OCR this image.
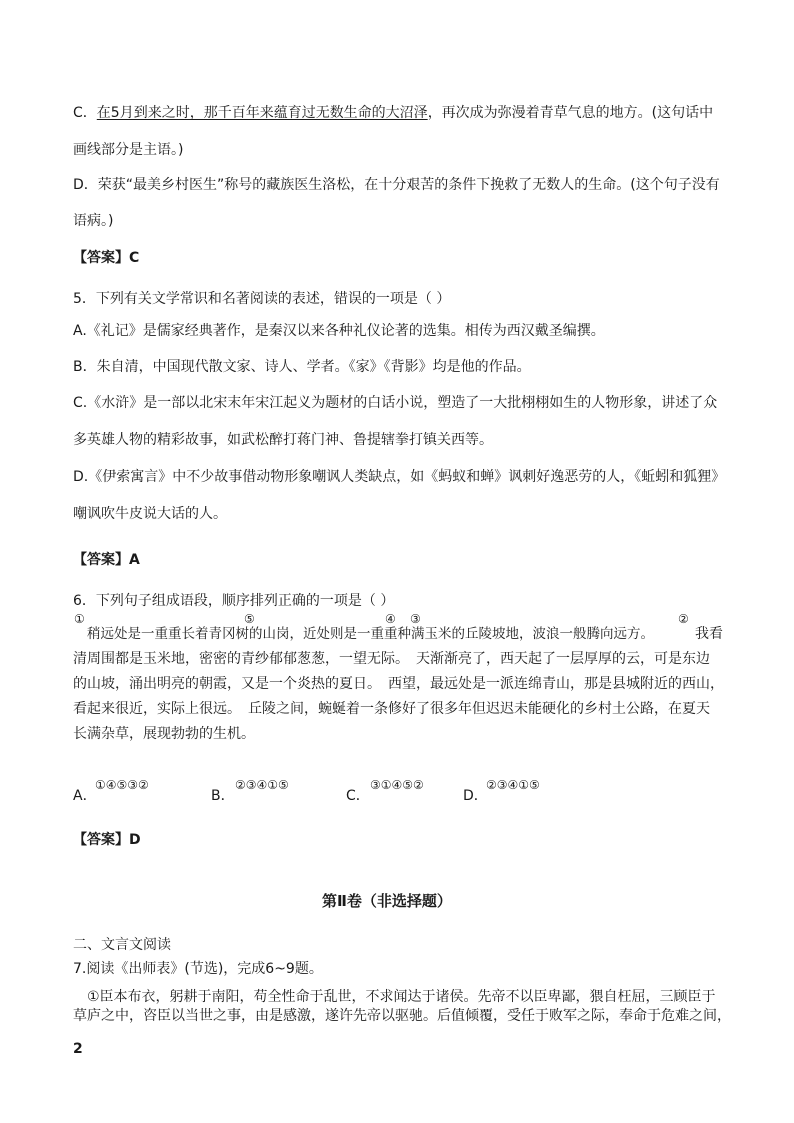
C．在5月到来之时，那千百年来蕴育过无数生命的大沼泽，再次成为弥漫着青草气息的地方。(这句话中
画线部分是主语。)
D．荣获“最美乡村医生”称号的藏族医生洛松，在十分艰苦的条件下挽救了无数人的生命。(这个句子没有
语病。)
【答案】C
5．下列有关文学常识和名著阅读的表述，错误的一项是（ ）
A.《礼记》是儒家经典著作，是秦汉以来各种礼仪论著的选集。相传为西汉戴圣编撰。
B．朱自清，中国现代散文家、诗人、学者。《家》《背影》均是他的作品。
C.《水浒》是一部以北宋末年宋江起义为题材的白话小说，塑造了一大批栩栩如生的人物形象，讲述了众
多英雄人物的精彩故事，如武松醉打蒋门神、鲁提辖拳打镇关西等。
D.《伊索寓言》中不少故事借动物形象嘲讽人类缺点，如《蚂蚁和蝉》讽刺好逸恶劳的人，《蚯蚓和狐狸》
嘲讽吹牛皮说大话的人。
【答案】A
6．下列句子组成语段，顺序排列正确的一项是（ ）
①	⑤	④ ③	②
稍远处是一重重长着青冈树的山岗，近处则是一重重种满玉米的丘陵坡地，波浪一般腾向远方。	我看
清周围都是玉米地，密密的青纱郁郁葱葱，一望无际。　天渐渐亮了，西天起了一层厚厚的云，可是东边
的山坡，涌出明亮的朝霞，又是一个炎热的夏日。　西望，最远处是一派连绵青山，那是县城附近的西山，
看起来很近，实际上很远。　丘陵之间，蜿蜒着一条修好了很多年但迟迟未能硬化的乡村土公路，在夏天
长满杂草，展现勃勃的生机。
A．
①④⑤③②
B．
②③④①⑤
C．
③①④⑤②
D．
②③④①⑤
【答案】D
第Ⅱ卷（非选择题）
二、文言文阅读
7.阅读《出师表》(节选)，完成6~9题。
①臣本布衣，躬耕于南阳，苟全性命于乱世，不求闻达于诸侯。先帝不以臣卑鄙，猥自枉屈，三顾臣于
草庐之中，咨臣以当世之事，由是感激，遂许先帝以驱驰。后值倾覆，受任于败军之际，奉命于危难之间，
2
